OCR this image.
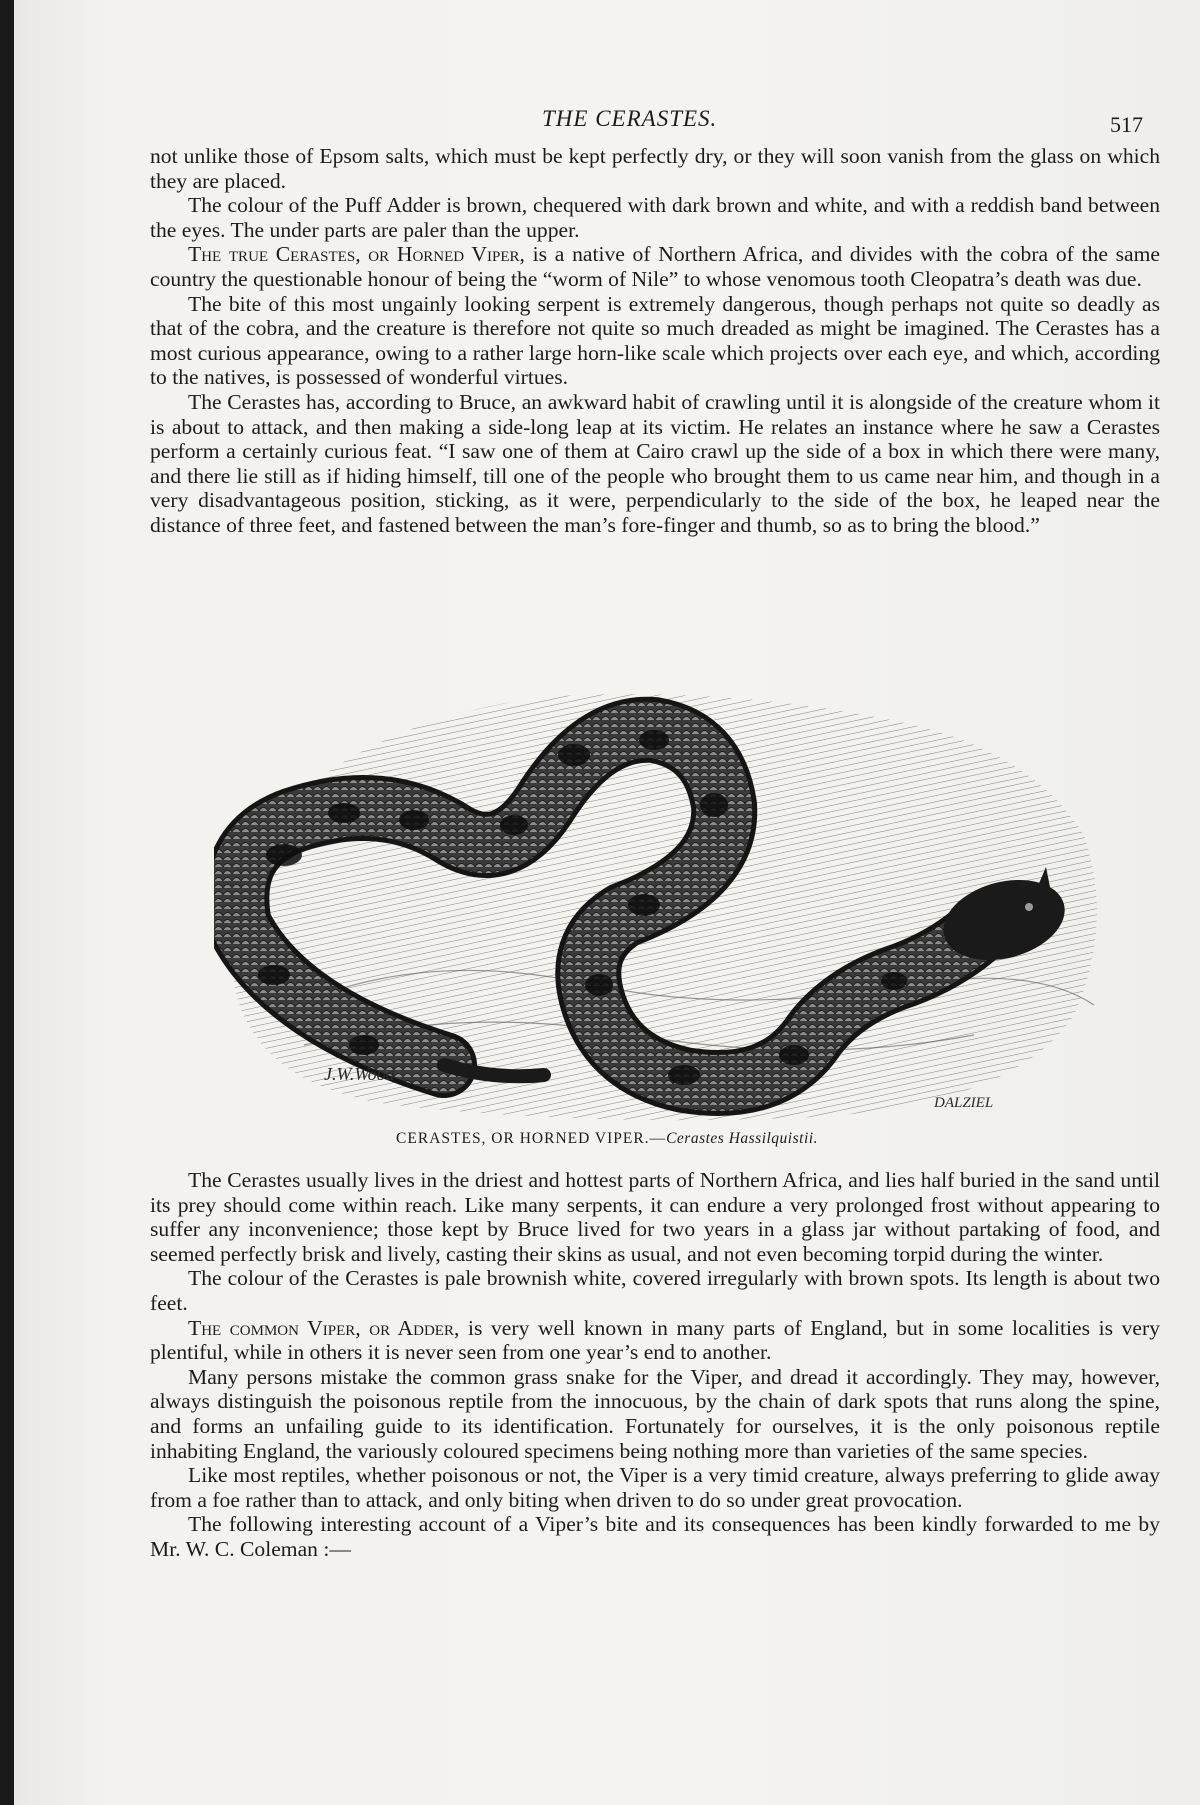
THE CERASTES.	517

not unlike those of Epsom salts, which must be kept perfectly dry, or they will soon vanish from the glass on which they are placed.

The colour of the Puff Adder is brown, chequered with dark brown and white, and with a reddish band between the eyes. The under parts are paler than the upper.

The true Cerastes, or Horned Viper, is a native of Northern Africa, and divides with the cobra of the same country the questionable honour of being the “worm of Nile” to whose venomous tooth Cleopatra’s death was due.

The bite of this most ungainly looking serpent is extremely dangerous, though perhaps not quite so deadly as that of the cobra, and the creature is therefore not quite so much dreaded as might be imagined. The Cerastes has a most curious appearance, owing to a rather large horn-like scale which projects over each eye, and which, according to the natives, is possessed of wonderful virtues.

The Cerastes has, according to Bruce, an awkward habit of crawling until it is alongside of the creature whom it is about to attack, and then making a side-long leap at its victim. He relates an instance where he saw a Cerastes perform a certainly curious feat. “I saw one of them at Cairo crawl up the side of a box in which there were many, and there lie still as if hiding himself, till one of the people who brought them to us came near him, and though in a very disadvantageous position, sticking, as it were, perpendicularly to the side of the box, he leaped near the distance of three feet, and fastened between the man’s fore-finger and thumb, so as to bring the blood.”

J.W.Wood
DALZIEL
CERASTES, OR HORNED VIPER.—Cerastes Hassilquistii.

The Cerastes usually lives in the driest and hottest parts of Northern Africa, and lies half buried in the sand until its prey should come within reach. Like many serpents, it can endure a very prolonged frost without appearing to suffer any inconvenience; those kept by Bruce lived for two years in a glass jar without partaking of food, and seemed perfectly brisk and lively, casting their skins as usual, and not even becoming torpid during the winter.

The colour of the Cerastes is pale brownish white, covered irregularly with brown spots. Its length is about two feet.

The common Viper, or Adder, is very well known in many parts of England, but in some localities is very plentiful, while in others it is never seen from one year’s end to another.

Many persons mistake the common grass snake for the Viper, and dread it accordingly. They may, however, always distinguish the poisonous reptile from the innocuous, by the chain of dark spots that runs along the spine, and forms an unfailing guide to its identification. Fortunately for ourselves, it is the only poisonous reptile inhabiting England, the variously coloured specimens being nothing more than varieties of the same species.

Like most reptiles, whether poisonous or not, the Viper is a very timid creature, always preferring to glide away from a foe rather than to attack, and only biting when driven to do so under great provocation.

The following interesting account of a Viper’s bite and its consequences has been kindly forwarded to me by Mr. W. C. Coleman :—
